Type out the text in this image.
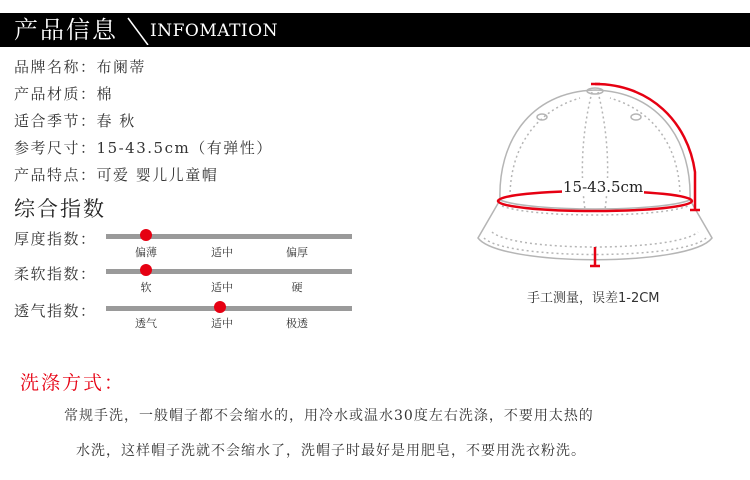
产品信息 INFOMATION
品牌名称：布阑蒂
产品材质：棉
适合季节：春 秋
参考尺寸：15-43.5cm（有弹性）
产品特点：可爱 婴儿儿童帽
综合指数
厚度指数：
偏薄	适中	偏厚
柔软指数：
软	适中	硬
透气指数：
透气	适中	极透
15-43.5cm
手工测量，误差1-2CM
洗涤方式：
常规手洗，一般帽子都不会缩水的，用冷水或温水30度左右洗涤，不要用太热的
水洗，这样帽子洗就不会缩水了，洗帽子时最好是用肥皂，不要用洗衣粉洗。
